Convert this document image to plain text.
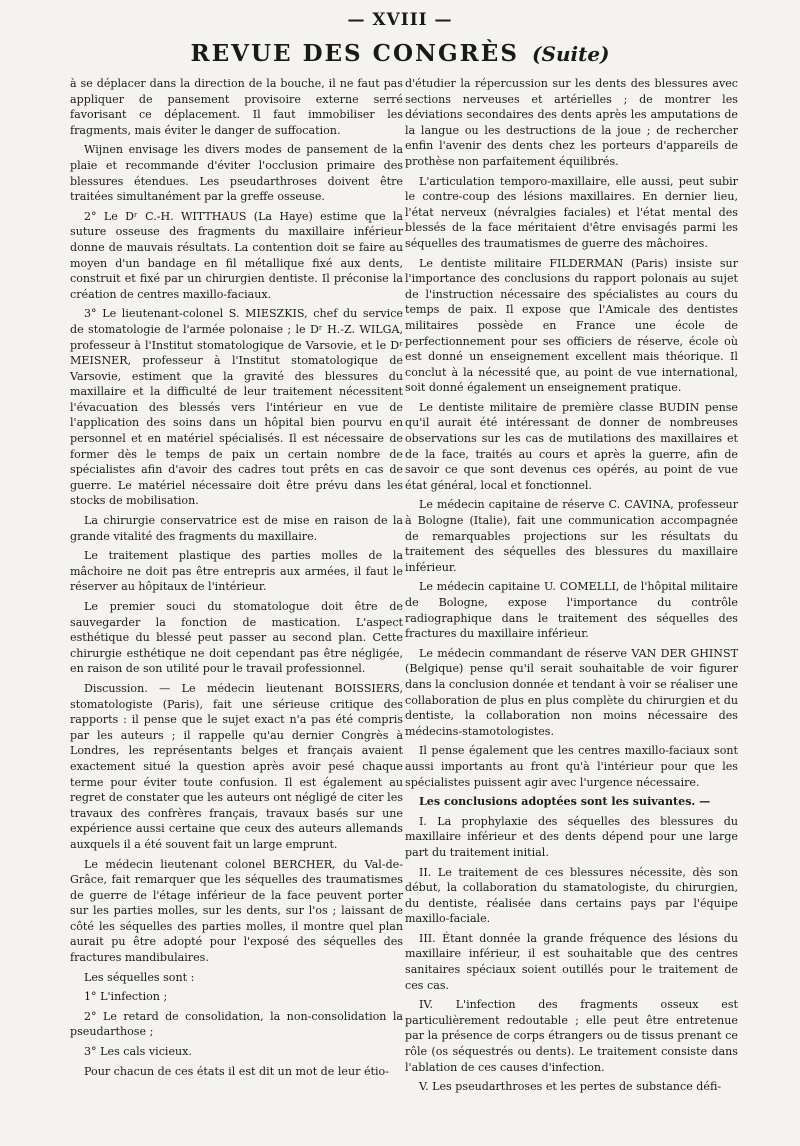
— XVIII —
REVUE DES CONGRÈS (Suite)

à se déplacer dans la direction de la bouche, il ne faut pas appliquer de pansement provisoire externe serré favorisant ce déplacement. Il faut immobiliser les fragments, mais éviter le danger de suffocation.

Wijnen envisage les divers modes de pansement de la plaie et recommande d'éviter l'occlusion primaire des blessures étendues. Les pseudarthroses doivent être traitées simultanément par la greffe osseuse.

2° Le Dʳ C.-H. WITTHAUS (La Haye) estime que la suture osseuse des fragments du maxillaire inférieur donne de mauvais résultats. La contention doit se faire au moyen d'un bandage en fil métallique fixé aux dents, construit et fixé par un chirurgien dentiste. Il préconise la création de centres maxillo-faciaux.

3° Le lieutenant-colonel S. MIESZKIS, chef du service de stomatologie de l'armée polonaise ; le Dʳ H.-Z. WILGA, professeur à l'Institut stomatologique de Varsovie, et le Dʳ MEISNER, professeur à l'Institut stomatologique de Varsovie, estiment que la gravité des blessures du maxillaire et la difficulté de leur traitement nécessitent l'évacuation des blessés vers l'intérieur en vue de l'application des soins dans un hôpital bien pourvu en personnel et en matériel spécialisés. Il est nécessaire de former dès le temps de paix un certain nombre de spécialistes afin d'avoir des cadres tout prêts en cas de guerre. Le matériel nécessaire doit être prévu dans les stocks de mobilisation.

La chirurgie conservatrice est de mise en raison de la grande vitalité des fragments du maxillaire.

Le traitement plastique des parties molles de la mâchoire ne doit pas être entrepris aux armées, il faut le réserver au hôpitaux de l'intérieur.

Le premier souci du stomatologue doit être de sauvegarder la fonction de mastication. L'aspect esthétique du blessé peut passer au second plan. Cette chirurgie esthétique ne doit cependant pas être négligée, en raison de son utilité pour le travail professionnel.

Discussion. — Le médecin lieutenant BOISSIERS, stomatologiste (Paris), fait une sérieuse critique des rapports : il pense que le sujet exact n'a pas été compris par les auteurs ; il rappelle qu'au dernier Congrès à Londres, les représentants belges et français avaient exactement situé la question après avoir pesé chaque terme pour éviter toute confusion. Il est également au regret de constater que les auteurs ont négligé de citer les travaux des confrères français, travaux basés sur une expérience aussi certaine que ceux des auteurs allemands auxquels il a été souvent fait un large emprunt.

Le médecin lieutenant colonel BERCHER, du Val-de-Grâce, fait remarquer que les séquelles des traumatismes de guerre de l'étage inférieur de la face peuvent porter sur les parties molles, sur les dents, sur l'os ; laissant de côté les séquelles des parties molles, il montre quel plan aurait pu être adopté pour l'exposé des séquelles des fractures mandibulaires.

Les séquelles sont :

1° L'infection ;

2° Le retard de consolidation, la non-consolidation la pseudarthose ;

3° Les cals vicieux.

Pour chacun de ces états il est dit un mot de leur étio-

d'étudier la répercussion sur les dents des blessures avec sections nerveuses et artérielles ; de montrer les déviations secondaires des dents après les amputations de la langue ou les destructions de la joue ; de rechercher enfin l'avenir des dents chez les porteurs d'appareils de prothèse non parfaitement équilibrés.

L'articulation temporo-maxillaire, elle aussi, peut subir le contre-coup des lésions maxillaires. En dernier lieu, l'état nerveux (névralgies faciales) et l'état mental des blessés de la face méritaient d'être envisagés parmi les séquelles des traumatismes de guerre des mâchoires.

Le dentiste militaire FILDERMAN (Paris) insiste sur l'importance des conclusions du rapport polonais au sujet de l'instruction nécessaire des spécialistes au cours du temps de paix. Il expose que l'Amicale des dentistes militaires possède en France une école de perfectionnement pour ses officiers de réserve, école où est donné un enseignement excellent mais théorique. Il conclut à la nécessité que, au point de vue international, soit donné également un enseignement pratique.

Le dentiste militaire de première classe BUDIN pense qu'il aurait été intéressant de donner de nombreuses observations sur les cas de mutilations des maxillaires et de la face, traités au cours et après la guerre, afin de savoir ce que sont devenus ces opérés, au point de vue état général, local et fonctionnel.

Le médecin capitaine de réserve C. CAVINA, professeur à Bologne (Italie), fait une communication accompagnée de remarquables projections sur les résultats du traitement des séquelles des blessures du maxillaire inférieur.

Le médecin capitaine U. COMELLI, de l'hôpital militaire de Bologne, expose l'importance du contrôle radiographique dans le traitement des séquelles des fractures du maxillaire inférieur.

Le médecin commandant de réserve VAN DER GHINST (Belgique) pense qu'il serait souhaitable de voir figurer dans la conclusion donnée et tendant à voir se réaliser une collaboration de plus en plus complète du chirurgien et du dentiste, la collaboration non moins nécessaire des médecins-stamotologistes.

Il pense également que les centres maxillo-faciaux sont aussi importants au front qu'à l'intérieur pour que les spécialistes puissent agir avec l'urgence nécessaire.

Les conclusions adoptées sont les suivantes. —

I. La prophylaxie des séquelles des blessures du maxillaire inférieur et des dents dépend pour une large part du traitement initial.

II. Le traitement de ces blessures nécessite, dès son début, la collaboration du stamatologiste, du chirurgien, du dentiste, réalisée dans certains pays par l'équipe maxillo-faciale.

III. Étant donnée la grande fréquence des lésions du maxillaire inférieur, il est souhaitable que des centres sanitaires spéciaux soient outillés pour le traitement de ces cas.

IV. L'infection des fragments osseux est particulièrement redoutable ; elle peut être entretenue par la présence de corps étrangers ou de tissus prenant ce rôle (os séquestrés ou dents). Le traitement consiste dans l'ablation de ces causes d'infection.

V. Les pseudarthroses et les pertes de substance défi-
